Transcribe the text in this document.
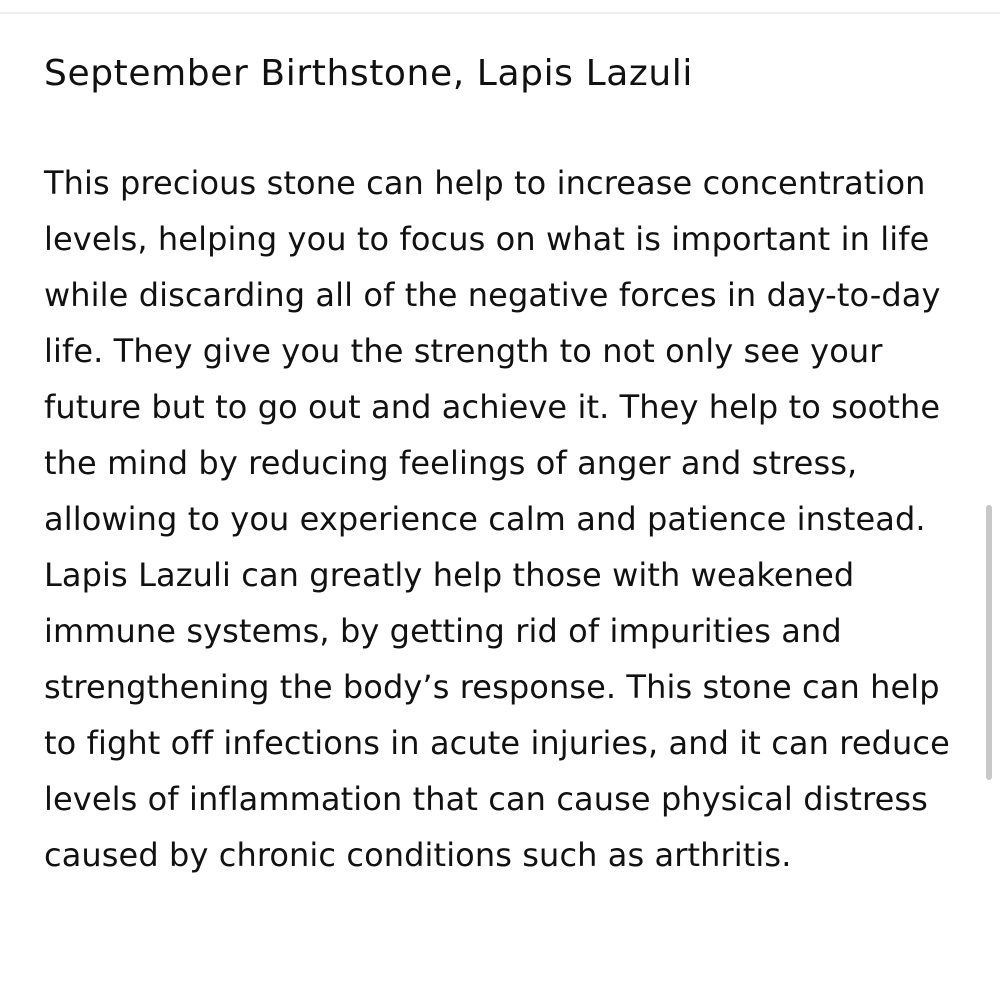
September Birthstone, Lapis Lazuli

This precious stone can help to increase concentration levels, helping you to focus on what is important in life while discarding all of the negative forces in day-to-day life. They give you the strength to not only see your future but to go out and achieve it. They help to soothe the mind by reducing feelings of anger and stress, allowing to you experience calm and patience instead.

Lapis Lazuli can greatly help those with weakened immune systems, by getting rid of impurities and strengthening the body’s response. This stone can help to fight off infections in acute injuries, and it can reduce levels of inflammation that can cause physical distress caused by chronic conditions such as arthritis.
